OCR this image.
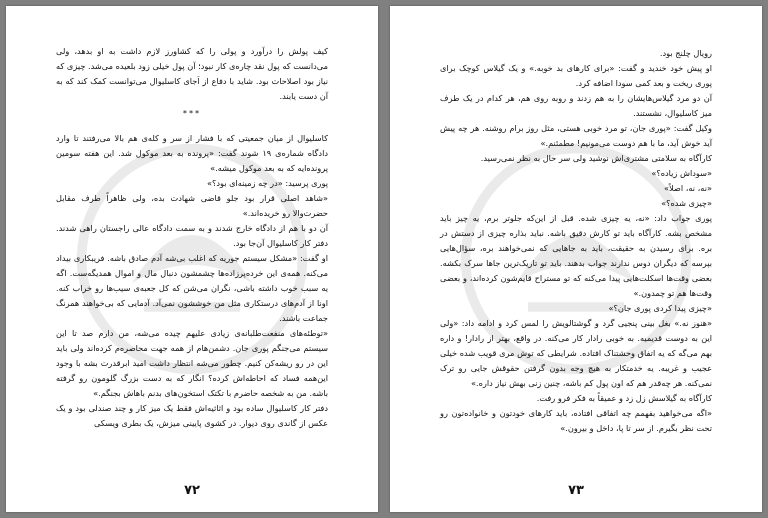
کیف پولش را درآورد و پولی را که کشاورز لازم داشت به او بدهد، ولی می‌دانست که پول نقد چاره‌ی کار نبود؛ آن پول خیلی زود بلعیده می‌شد. چیزی که نیاز بود اصلاحات بود. شاید با دفاع از اَجای کاسلیوال می‌توانست کمک کند که به آن دست یابند.

***

کاسلیوال از میان جمعیتی که با فشار از سر و کله‌ی هم بالا می‌رفتند تا وارد دادگاه شماره‌ی ۱۹ شوند گفت: «پرونده به بعد موکول شد. این هفته سومین پرونده‌ایه که به بعد موکول میشه.»

پوری پرسید: «در چه زمینه‌ای بود؟»

«شاهد اصلی قرار بود جلو قاضی شهادت بده، ولی ظاهراً طرف مقابل حضرت‌والا رو خریده‌اند.»

آن دو با هم از دادگاه خارج شدند و به سمت دادگاه عالی راجستان راهی شدند. دفتر کار کاسلیوال آن‌جا بود.

او گفت: «مشکل سیستم جوریه که اغلب بی‌شه آدم صادق باشه. فریبکاری بیداد می‌کنه. همه‌ی این خرده‌پرزاده‌ها چشمشون دنبال مال و اموال همدیگه‌ست. اگه یه سبب خوب داشته باشی، نگران می‌شن که کل جعبه‌ی سیب‌ها رو خراب کنه. اونا از آدم‌های درستکاری مثل من خوششون نمی‌آد. آدمایی که بی‌خواهند همرنگ جماعت باشند.

«توطئه‌های منفعت‌طلبانه‌ی زیادی علیهم چیده می‌شه، من دارم صد تا این سیستم می‌جنگم پوری جان. دشمن‌هام از همه جهت محاصره‌م کرده‌اند ولی باید این در رو ریشه‌کن کنیم. چطور می‌شه انتظار داشت امید ابرقدرت بشه با وجود این‌همه فساد که احاطه‌اش کرده؟ انگار که به دست بزرگ گلومون رو گرفته باشه. من به شخصه حاضرم با تکتک استخون‌های بدنم باهاش بجنگم.»

دفتر کار کاسلیوال ساده بود و اثاثیه‌اش فقط یک میز کار و چند صندلی بود و یک عکس از گاندی روی دیوار. در کشوی پایینی میزش، یک بطری ویسکی

۷۲

رویال چلنج بود.

او پیش خود خندید و گفت: «برای کارهای بد خوبه.» و یک گیلاس کوچک برای پوری ریخت و بعد کمی سودا اضافه کرد.

آن دو مرد گیلاس‌هایشان را به هم زدند و روبه روی هم، هر کدام در یک طرف میز کاسلیوال، نشستند.

وکیل گفت: «پوری جان، تو مرد خوبی هستی، مثل روز برام روشنه. هر چه پیش آید خوش آید، ما با هم دوست می‌مونیم! مطمئنم.»

کارآگاه به سلامتی مشتری‌اش نوشید ولی سر حال به نظر نمی‌رسید.

«سوداش زیاده؟»

«نه، نه، اصلاً»

«چیزی شده؟»

پوری جواب داد: «نه، یه چیزی شده. قبل از این‌که جلوتر برم، یه چیز باید مشخص بشه. کارآگاه باید تو کارش دقیق باشه. نباید بذاره چیزی از دستش در بره. برای رسیدن به حقیقت، باید به جاهایی که نمی‌خواهند بره، سؤال‌هایی بپرسه که دیگران دوس ندارند جواب بدهند. باید تو تاریک‌ترین جاها سرک بکشه. بعضی وقت‌ها اسکلت‌هایی پیدا می‌کنه که تو مستراح قایم‌شون کرده‌اند، و بعضی وقت‌ها هم تو چمدون.»

«چیزی پیدا کردی پوری جان؟»

«هنوز نه.» بغل بینی پنجیی گرد و گوشتالویش را لمس کرد و ادامه داد: «ولی این به دوست قدیمیه. به خوبی رادار کار می‌کنه. در واقع، بهتر از رادار! و داره بهم می‌گه که یه اتفاق وحشتناک افتاده. شرایطی که توش مری قویب شده خیلی عجیب و غریبه. یه خدمتکار به هیچ وجه بدون گرفتن حقوقش جایی رو ترک نمی‌کنه. هر چه‌قدر هم که اون پول کم باشه، چنین زنی بهش نیاز داره.»

کارآگاه به گیلاسش زل زد و عمیقاً به فکر فرو رفت.

«اگه می‌خواهید بفهمم چه اتفاقی افتاده، باید کارهای خودتون و خانواده‌تون رو تحت نظر بگیرم. از سر تا پا، داخل و بیرون.»

۷۳
